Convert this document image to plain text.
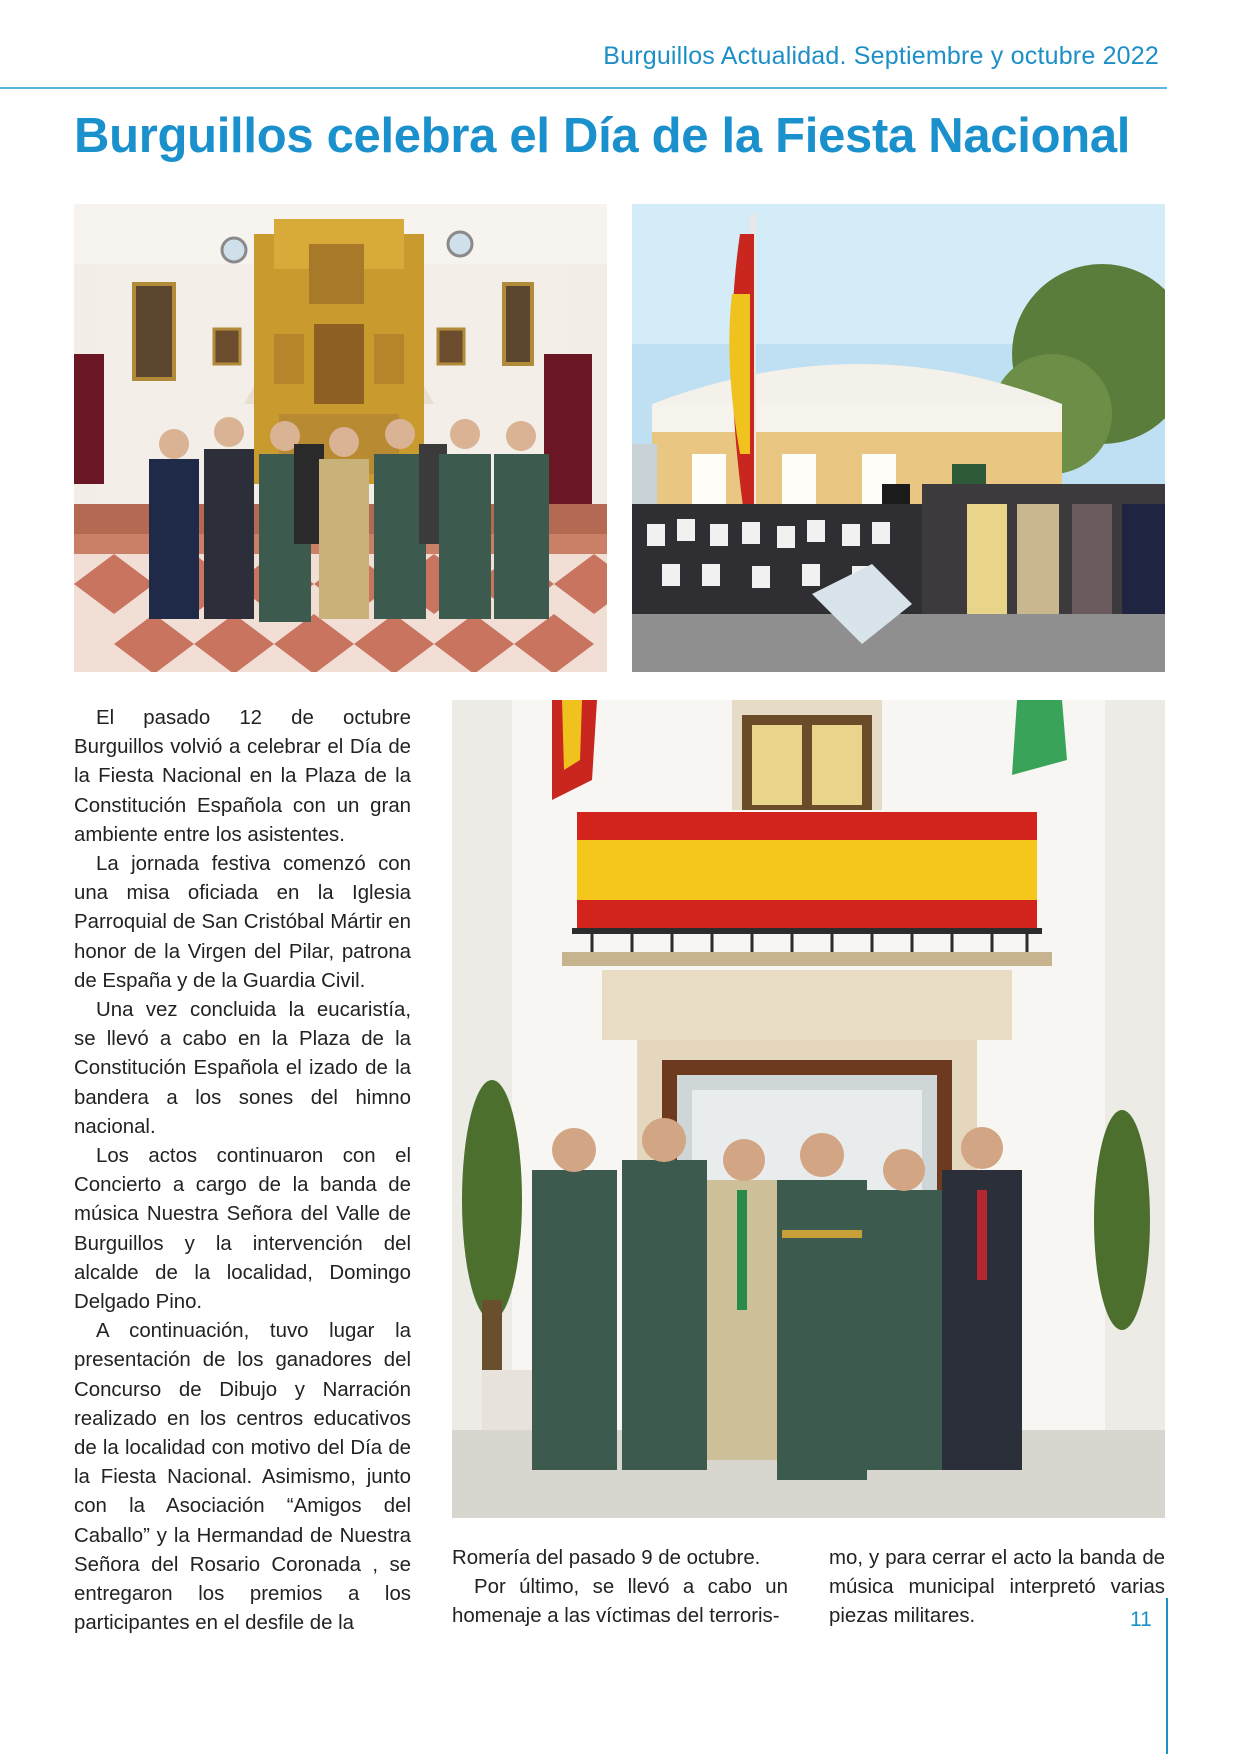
Burguillos Actualidad. Septiembre y octubre 2022
Burguillos celebra el Día de la Fiesta Nacional

El pasado 12 de octubre Burguillos volvió a celebrar el Día de la Fiesta Nacional en la Plaza de la Constitución Española con un gran ambiente entre los asistentes.

La jornada festiva comenzó con una misa oficiada en la Iglesia Parroquial de San Cristóbal Mártir en honor de la Virgen del Pilar, patrona de España y de la Guardia Civil.

Una vez concluida la eucaristía, se llevó a cabo en la Plaza de la Constitución Española el izado de la bandera a los sones del himno nacional.

Los actos continuaron con el Concierto a cargo de la banda de música Nuestra Señora del Valle de Burguillos y la intervención del alcalde de la localidad, Domingo Delgado Pino.

A continuación, tuvo lugar la presentación de los ganadores del Concurso de Dibujo y Narración realizado en los centros educativos de la localidad con motivo del Día de la Fiesta Nacional. Asimismo, junto con la Asociación “Amigos del Caballo” y la Hermandad de Nuestra Señora del Rosario Coronada , se entregaron los premios a los participantes en el desfile de la

Romería del pasado 9 de octubre.

Por último, se llevó a cabo un homenaje a las víctimas del terroris-

mo, y para cerrar el acto la banda de música municipal interpretó varias piezas militares.	11
